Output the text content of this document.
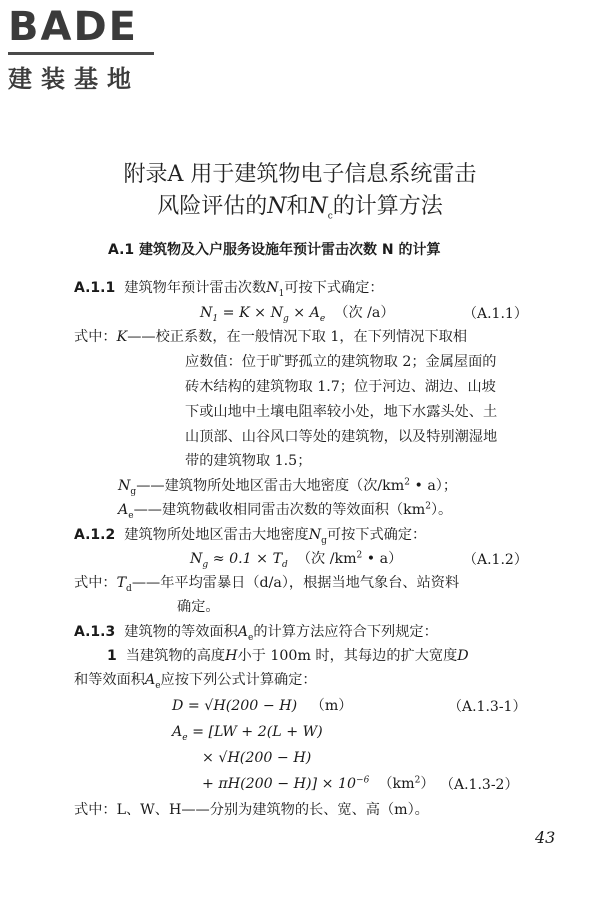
BADE
建装基地
附录A 用于建筑物电子信息系统雷击
风险评估的N和$N_c$的计算方法
A.1 建筑物及入户服务设施年预计雷击次数 N 的计算
A.1.1 建筑物年预计雷击次数$N_1$可按下式确定：
$N_1 = K \times N_g \times A_e$ （次 /a）	（A.1.1）
式中：K——校正系数，在一般情况下取 1，在下列情况下取相
应数值：位于旷野孤立的建筑物取 2；金属屋面的
砖木结构的建筑物取 1.7；位于河边、湖边、山坡
下或山地中土壤电阻率较小处，地下水露头处、土
山顶部、山谷风口等处的建筑物，以及特别潮湿地
带的建筑物取 1.5；
$N_g——$建筑物所处地区雷击大地密度（次$/km^2$ • a）；
$A_e——$建筑物截收相同雷击次数的等效面积$(km^2)$。
A.1.2 建筑物所处地区雷击大地密度$N_g$可按下式确定：
$N_g \approx 0.1 \times T_d$ （次 $/km^2$ • a）	（A.1.2）
式中：$T_d——$年平均雷暴日（d/a），根据当地气象台、站资料
确定。
A.1.3 建筑物的等效面积$A_e$的计算方法应符合下列规定：
1 当建筑物的高度H小于 100m 时，其每边的扩大宽度D
和等效面积$A_e$应按下列公式计算确定：
D = √H(200 − H) （m）	（A.1.3-1）
$A_e = [LW + 2(L + W)$
× √H(200 − H)
+ $\pi H(200 - H)] \times 10^{-6}$ $(km^2)$ （A.1.3-2）
式中：L、W、H——分别为建筑物的长、宽、高（m）。
43
